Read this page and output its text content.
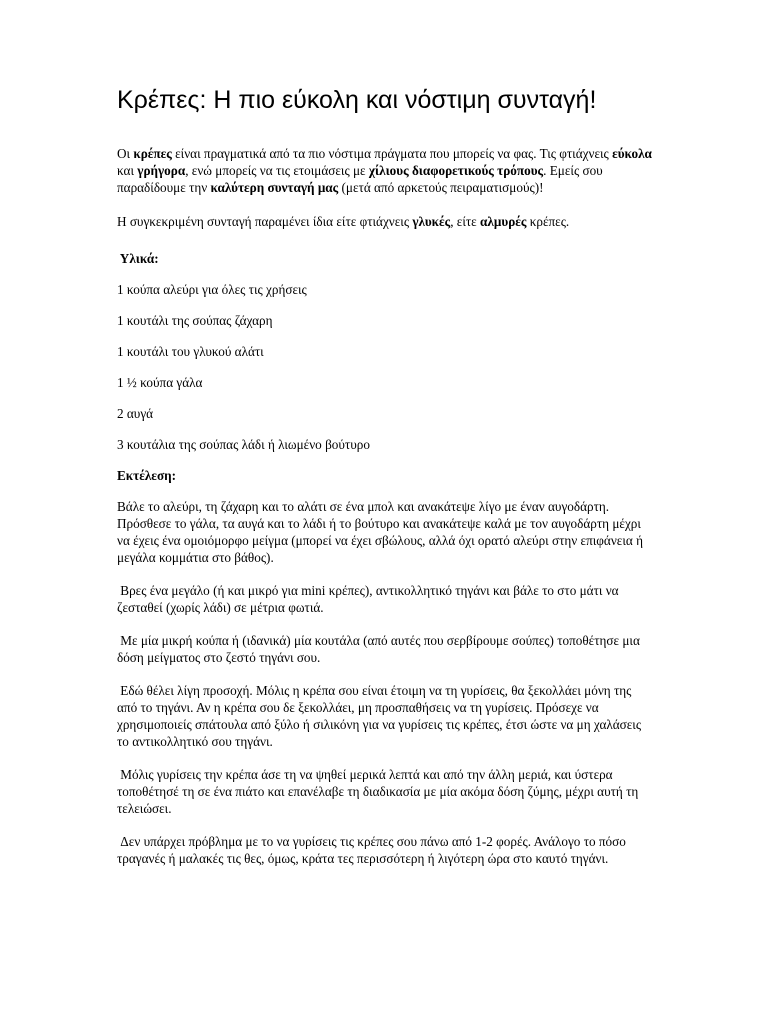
Κρέπες: Η πιο εύκολη και νόστιμη συνταγή!

Οι κρέπες είναι πραγματικά από τα πιο νόστιμα πράγματα που μπορείς να φας. Τις φτιάχνεις εύκολα και γρήγορα, ενώ μπορείς να τις ετοιμάσεις με χίλιους διαφορετικούς τρόπους. Εμείς σου παραδίδουμε την καλύτερη συνταγή μας (μετά από αρκετούς πειραματισμούς)!

Η συγκεκριμένη συνταγή παραμένει ίδια είτε φτιάχνεις γλυκές, είτε αλμυρές κρέπες.

Υλικά:

1 κούπα αλεύρι για όλες τις χρήσεις

1 κουτάλι της σούπας ζάχαρη

1 κουτάλι του γλυκού αλάτι

1 ½ κούπα γάλα

2 αυγά

3 κουτάλια της σούπας λάδι ή λιωμένο βούτυρο

Εκτέλεση:

Βάλε το αλεύρι, τη ζάχαρη και το αλάτι σε ένα μπολ και ανακάτεψε λίγο με έναν αυγοδάρτη. Πρόσθεσε το γάλα, τα αυγά και το λάδι ή το βούτυρο και ανακάτεψε καλά με τον αυγοδάρτη μέχρι να έχεις ένα ομοιόμορφο μείγμα (μπορεί να έχει σβώλους, αλλά όχι ορατό αλεύρι στην επιφάνεια ή μεγάλα κομμάτια στο βάθος).

Βρες ένα μεγάλο (ή και μικρό για mini κρέπες), αντικολλητικό τηγάνι και βάλε το στο μάτι να ζεσταθεί (χωρίς λάδι) σε μέτρια φωτιά.

Με μία μικρή κούπα ή (ιδανικά) μία κουτάλα (από αυτές που σερβίρουμε σούπες) τοποθέτησε μια δόση μείγματος στο ζεστό τηγάνι σου.

Εδώ θέλει λίγη προσοχή. Μόλις η κρέπα σου είναι έτοιμη να τη γυρίσεις, θα ξεκολλάει μόνη της από το τηγάνι. Αν η κρέπα σου δε ξεκολλάει, μη προσπαθήσεις να τη γυρίσεις. Πρόσεχε να χρησιμοποιείς σπάτουλα από ξύλο ή σιλικόνη για να γυρίσεις τις κρέπες, έτσι ώστε να μη χαλάσεις το αντικολλητικό σου τηγάνι.

Μόλις γυρίσεις την κρέπα άσε τη να ψηθεί μερικά λεπτά και από την άλλη μεριά, και ύστερα τοποθέτησέ τη σε ένα πιάτο και επανέλαβε τη διαδικασία με μία ακόμα δόση ζύμης, μέχρι αυτή τη τελειώσει.

Δεν υπάρχει πρόβλημα με το να γυρίσεις τις κρέπες σου πάνω από 1-2 φορές. Ανάλογο το πόσο τραγανές ή μαλακές τις θες, όμως, κράτα τες περισσότερη ή λιγότερη ώρα στο καυτό τηγάνι.
